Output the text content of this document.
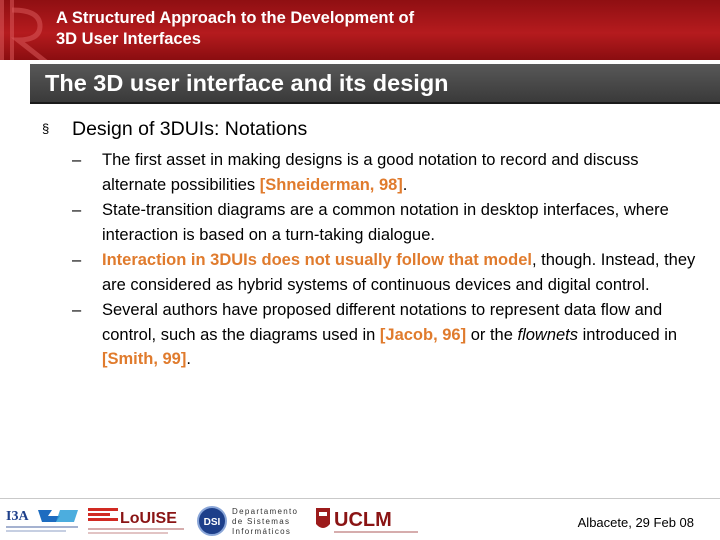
A Structured Approach to the Development of
3D User Interfaces
The 3D user interface and its design
§ Design of 3DUIs: Notations
– The first asset in making designs is a good notation to record and discuss alternate possibilities [Shneiderman, 98].
– State-transition diagrams are a common notation in desktop interfaces, where interaction is based on a turn-taking dialogue.
– Interaction in 3DUIs does not usually follow that model, though. Instead, they are considered as hybrid systems of continuous devices and digital control.
– Several authors have proposed different notations to represent data flow and control, such as the diagrams used in [Jacob, 96] or the flownets introduced in [Smith, 99].
I3A	LoUISE	DSI
Departamento
de Sistemas
Informáticos
UCLM	Albacete, 29 Feb 08
